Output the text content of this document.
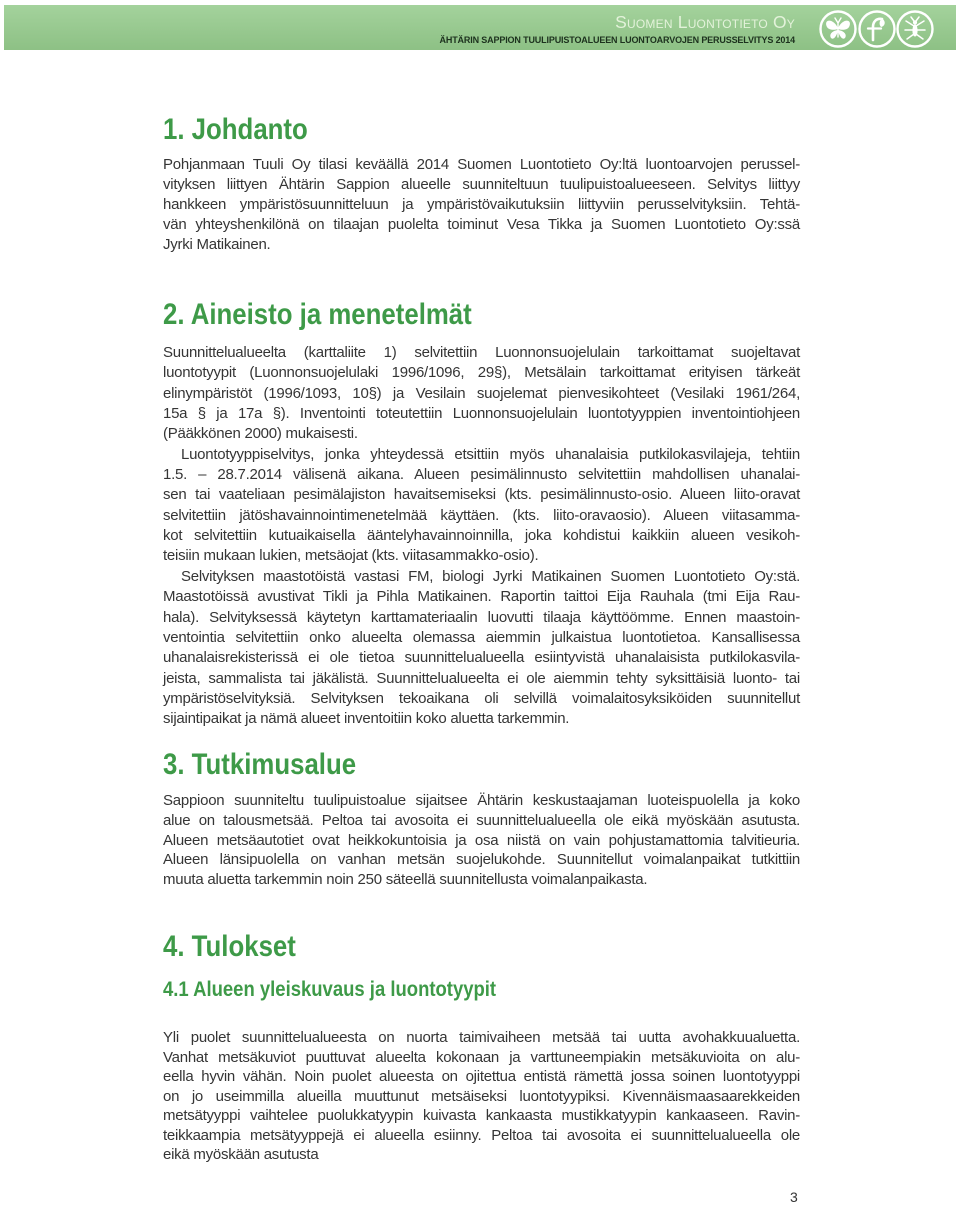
Suomen Luontotieto Oy
ÄHTÄRIN SAPPION TUULIPUISTOALUEEN LUONTOARVOJEN PERUSSELVITYS 2014
1. Johdanto
Pohjanmaan Tuuli Oy tilasi keväällä 2014 Suomen Luontotieto Oy:ltä luontoarvojen perussel-
vityksen liittyen Ähtärin Sappion alueelle suunniteltuun tuulipuistoalueeseen. Selvitys liittyy
hankkeen ympäristösuunnitteluun ja ympäristövaikutuksiin liittyviin perusselvityksiin. Tehtä-
vän yhteyshenkilönä on tilaajan puolelta toiminut Vesa Tikka ja Suomen Luontotieto Oy:ssä
Jyrki Matikainen.
2. Aineisto ja menetelmät
Suunnittelualueelta (karttaliite 1) selvitettiin Luonnonsuojelulain tarkoittamat suojeltavat
luontotyypit (Luonnonsuojelulaki 1996/1096, 29§), Metsälain tarkoittamat erityisen tärkeät
elinympäristöt (1996/1093, 10§) ja Vesilain suojelemat pienvesikohteet (Vesilaki 1961/264,
15a § ja 17a §). Inventointi toteutettiin Luonnonsuojelulain luontotyyppien inventointiohjeen
(Pääkkönen 2000) mukaisesti.
Luontotyyppiselvitys, jonka yhteydessä etsittiin myös uhanalaisia putkilokasvilajeja, tehtiin
1.5. – 28.7.2014 välisenä aikana. Alueen pesimälinnusto selvitettiin mahdollisen uhanalai-
sen tai vaateliaan pesimälajiston havaitsemiseksi (kts. pesimälinnusto-osio. Alueen liito-oravat
selvitettiin jätöshavainnointimenetelmää käyttäen. (kts. liito-oravaosio). Alueen viitasamma-
kot selvitettiin kutuaikaisella ääntelyhavainnoinnilla, joka kohdistui kaikkiin alueen vesikoh-
teisiin mukaan lukien, metsäojat (kts. viitasammakko-osio).
Selvityksen maastotöistä vastasi FM, biologi Jyrki Matikainen Suomen Luontotieto Oy:stä.
Maastotöissä avustivat Tikli ja Pihla Matikainen. Raportin taittoi Eija Rauhala (tmi Eija Rau-
hala). Selvityksessä käytetyn karttamateriaalin luovutti tilaaja käyttöömme. Ennen maastoin-
ventointia selvitettiin onko alueelta olemassa aiemmin julkaistua luontotietoa. Kansallisessa
uhanalaisrekisterissä ei ole tietoa suunnittelualueella esiintyvistä uhanalaisista putkilokasvila-
jeista, sammalista tai jäkälistä. Suunnittelualueelta ei ole aiemmin tehty syksittäisiä luonto- tai
ympäristöselvityksiä. Selvityksen tekoaikana oli selvillä voimalaitosyksiköiden suunnitellut
sijaintipaikat ja nämä alueet inventoitiin koko aluetta tarkemmin.
3. Tutkimusalue
Sappioon suunniteltu tuulipuistoalue sijaitsee Ähtärin keskustaajaman luoteispuolella ja koko
alue on talousmetsää. Peltoa tai avosoita ei suunnittelualueella ole eikä myöskään asutusta.
Alueen metsäautotiet ovat heikkokuntoisia ja osa niistä on vain pohjustamattomia talvitieuria.
Alueen länsipuolella on vanhan metsän suojelukohde. Suunnitellut voimalanpaikat tutkittiin
muuta aluetta tarkemmin noin 250 säteellä suunnitellusta voimalanpaikasta.
4. Tulokset
4.1 Alueen yleiskuvaus ja luontotyypit
Yli puolet suunnittelualueesta on nuorta taimivaiheen metsää tai uutta avohakkuualuetta.
Vanhat metsäkuviot puuttuvat alueelta kokonaan ja varttuneempiakin metsäkuvioita on alu-
eella hyvin vähän. Noin puolet alueesta on ojitettua entistä rämettä jossa soinen luontotyyppi
on jo useimmilla alueilla muuttunut metsäiseksi luontotyypiksi. Kivennäismaasaarekkeiden
metsätyyppi vaihtelee puolukkatyypin kuivasta kankaasta mustikkatyypin kankaaseen. Ravin-
teikkaampia metsätyyppejä ei alueella esiinny. Peltoa tai avosoita ei suunnittelualueella ole
eikä myöskään asutusta
3
